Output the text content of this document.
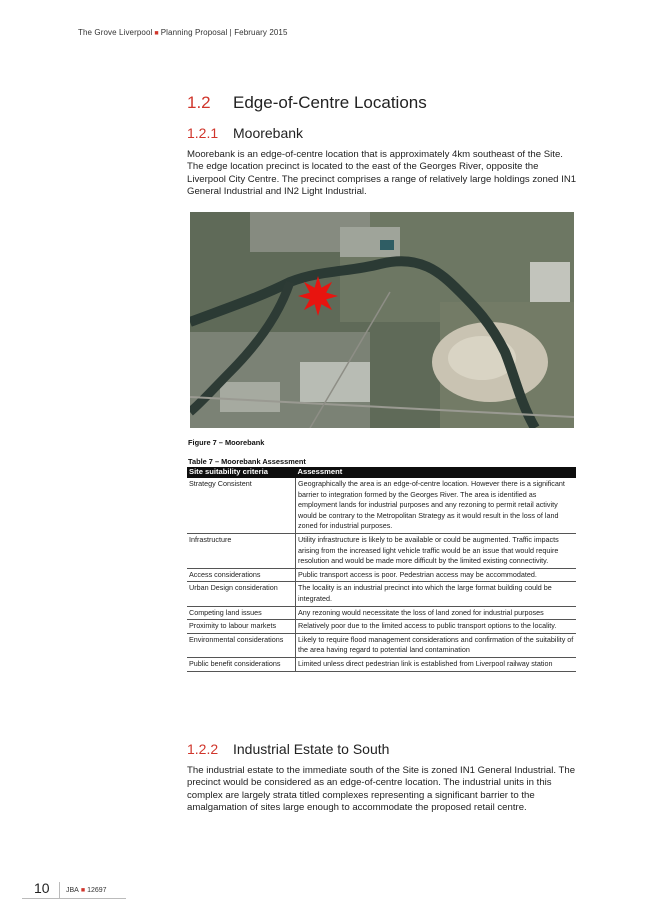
The Grove Liverpool ■ Planning Proposal | February 2015
1.2 Edge-of-Centre Locations
1.2.1 Moorebank

Moorebank is an edge-of-centre location that is approximately 4km southeast of the Site. The edge location precinct is located to the east of the Georges River, opposite the Liverpool City Centre. The precinct comprises a range of relatively large holdings zoned IN1 General Industrial and IN2 Light Industrial.

Figure 7 – Moorebank

Table 7 – Moorebank Assessment

Site suitability criteria	Assessment
Strategy Consistent	Geographically the area is an edge-of-centre location. However there is a significant barrier to integration formed by the Georges River. The area is identified as employment lands for industrial purposes and any rezoning to permit retail activity would be contrary to the Metropolitan Strategy as it would result in the loss of land zoned for industrial purposes.
Infrastructure	Utility infrastructure is likely to be available or could be augmented. Traffic impacts arising from the increased light vehicle traffic would be an issue that would require resolution and would be made more difficult by the limited existing connectivity.
Access considerations	Public transport access is poor. Pedestrian access may be accommodated.
Urban Design consideration	The locality is an industrial precinct into which the large format building could be integrated.
Competing land issues	Any rezoning would necessitate the loss of land zoned for industrial purposes
Proximity to labour markets	Relatively poor due to the limited access to public transport options to the locality.
Environmental considerations	Likely to require flood management considerations and confirmation of the suitability of the area having regard to potential land contamination
Public benefit considerations	Limited unless direct pedestrian link is established from Liverpool railway station
1.2.2 Industrial Estate to South

The industrial estate to the immediate south of the Site is zoned IN1 General Industrial. The precinct would be considered as an edge-of-centre location. The industrial units in this complex are largely strata titled complexes representing a significant barrier to the amalgamation of sites large enough to accommodate the proposed retail centre.

10 JBA ■ 12697
